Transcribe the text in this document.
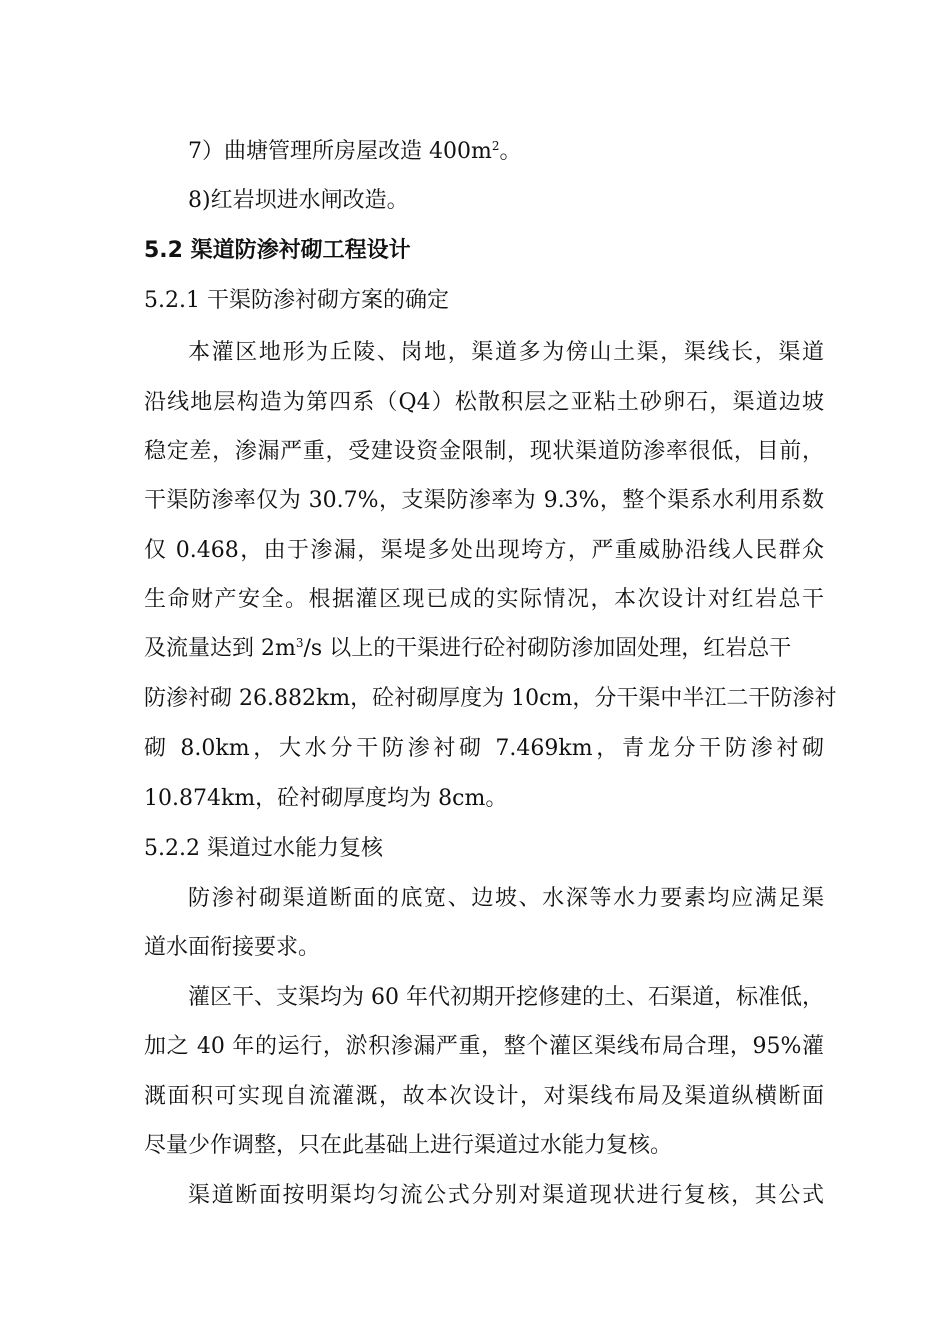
7）曲塘管理所房屋改造 $400m^2$。
8)红岩坝进水闸改造。
5.2 渠道防渗衬砌工程设计
5.2.1 干渠防渗衬砌方案的确定
本灌区地形为丘陵、岗地，渠道多为傍山土渠，渠线长，渠道
沿线地层构造为第四系（Q4）松散积层之亚粘土砂卵石，渠道边坡
稳定差，渗漏严重，受建设资金限制，现状渠道防渗率很低，目前，
干渠防渗率仅为 30.7%，支渠防渗率为 9.3%，整个渠系水利用系数
仅 0.468，由于渗漏，渠堤多处出现垮方，严重威胁沿线人民群众
生命财产安全。根据灌区现已成的实际情况，本次设计对红岩总干
及流量达到 $2m^3/s$ 以上的干渠进行砼衬砌防渗加固处理，红岩总干
防渗衬砌 26.882km，砼衬砌厚度为 10cm，分干渠中半江二干防渗衬
砌 8.0km，大水分干防渗衬砌 7.469km，青龙分干防渗衬砌
10.874km，砼衬砌厚度均为 8cm。
5.2.2 渠道过水能力复核
防渗衬砌渠道断面的底宽、边坡、水深等水力要素均应满足渠
道水面衔接要求。
灌区干、支渠均为 60 年代初期开挖修建的土、石渠道，标准低，
加之 40 年的运行，淤积渗漏严重，整个灌区渠线布局合理，95%灌
溉面积可实现自流灌溉，故本次设计，对渠线布局及渠道纵横断面
尽量少作调整，只在此基础上进行渠道过水能力复核。
渠道断面按明渠均匀流公式分别对渠道现状进行复核，其公式
